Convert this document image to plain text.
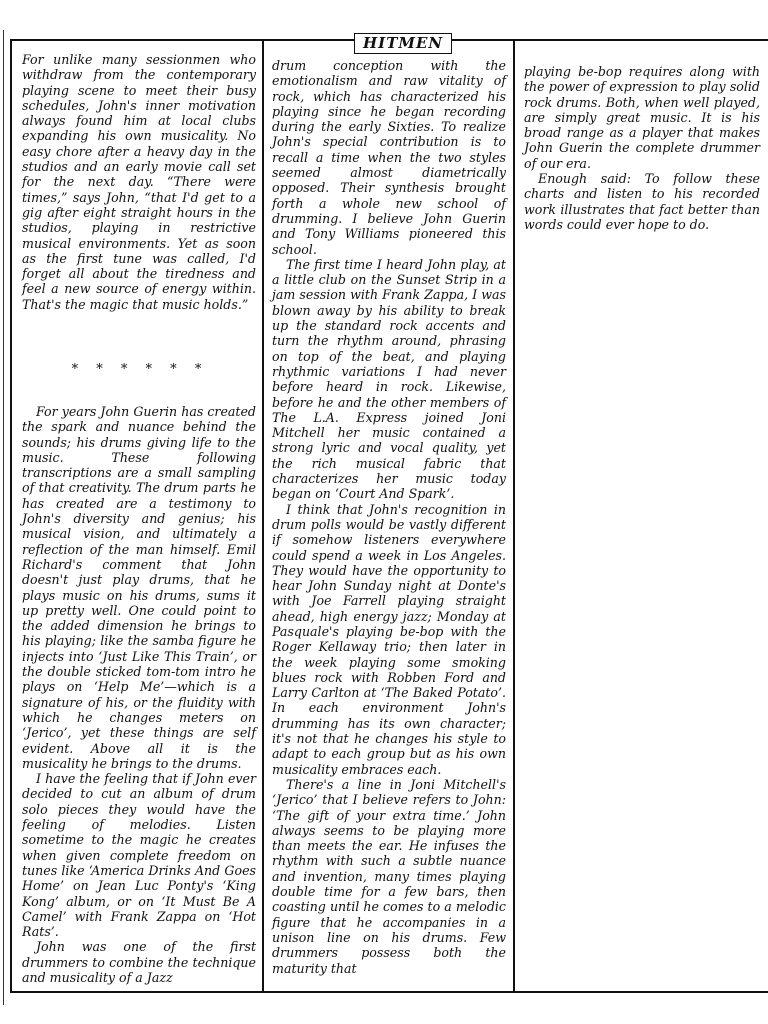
HITMEN

For unlike many sessionmen who withdraw from the contemporary playing scene to meet their busy schedules, John's inner motivation always found him at local clubs expanding his own musicality. No easy chore after a heavy day in the studios and an early movie call set for the next day. “There were times,” says John, “that I'd get to a gig after eight straight hours in the studios, playing in restrictive musical environments. Yet as soon as the first tune was called, I'd forget all about the tiredness and feel a new source of energy within. That's the magic that music holds.”

* * * * * *

For years John Guerin has created the spark and nuance behind the sounds; his drums giving life to the music. These following transcriptions are a small sampling of that creativity. The drum parts he has created are a testimony to John's diversity and genius; his musical vision, and ultimately a reflection of the man himself. Emil Richard's comment that John doesn't just play drums, that he plays music on his drums, sums it up pretty well. One could point to the added dimension he brings to his playing; like the samba figure he injects into ‘Just Like This Train’, or the double sticked tom-tom intro he plays on ‘Help Me’—which is a signature of his, or the fluidity with which he changes meters on ‘Jerico’, yet these things are self evident. Above all it is the musicality he brings to the drums.

I have the feeling that if John ever decided to cut an album of drum solo pieces they would have the feeling of melodies. Listen sometime to the magic he creates when given complete freedom on tunes like ‘America Drinks And Goes Home’ on Jean Luc Ponty's ‘King Kong’ album, or on ‘It Must Be A Camel’ with Frank Zappa on ‘Hot Rats’.

John was one of the first drummers to combine the technique and musicality of a Jazz

drum conception with the emotionalism and raw vitality of rock, which has characterized his playing since he began recording during the early Sixties. To realize John's special contribution is to recall a time when the two styles seemed almost diametrically opposed. Their synthesis brought forth a whole new school of drumming. I believe John Guerin and Tony Williams pioneered this school.

The first time I heard John play, at a little club on the Sunset Strip in a jam session with Frank Zappa, I was blown away by his ability to break up the standard rock accents and turn the rhythm around, phrasing on top of the beat, and playing rhythmic variations I had never before heard in rock. Likewise, before he and the other members of The L.A. Express joined Joni Mitchell her music contained a strong lyric and vocal quality, yet the rich musical fabric that characterizes her music today began on ‘Court And Spark’.

I think that John's recognition in drum polls would be vastly different if somehow listeners everywhere could spend a week in Los Angeles. They would have the opportunity to hear John Sunday night at Donte's with Joe Farrell playing straight ahead, high energy jazz; Monday at Pasquale's playing be-bop with the Roger Kellaway trio; then later in the week playing some smoking blues rock with Robben Ford and Larry Carlton at ‘The Baked Potato’. In each environment John's drumming has its own character; it's not that he changes his style to adapt to each group but as his own musicality embraces each.

There's a line in Joni Mitchell's ‘Jerico’ that I believe refers to John: ‘The gift of your extra time.’ John always seems to be playing more than meets the ear. He infuses the rhythm with such a subtle nuance and invention, many times playing double time for a few bars, then coasting until he comes to a melodic figure that he accompanies in a unison line on his drums. Few drummers possess both the maturity that

playing be-bop requires along with the power of expression to play solid rock drums. Both, when well played, are simply great music. It is his broad range as a player that makes John Guerin the complete drummer of our era.

Enough said: To follow these charts and listen to his recorded work illustrates that fact better than words could ever hope to do.
